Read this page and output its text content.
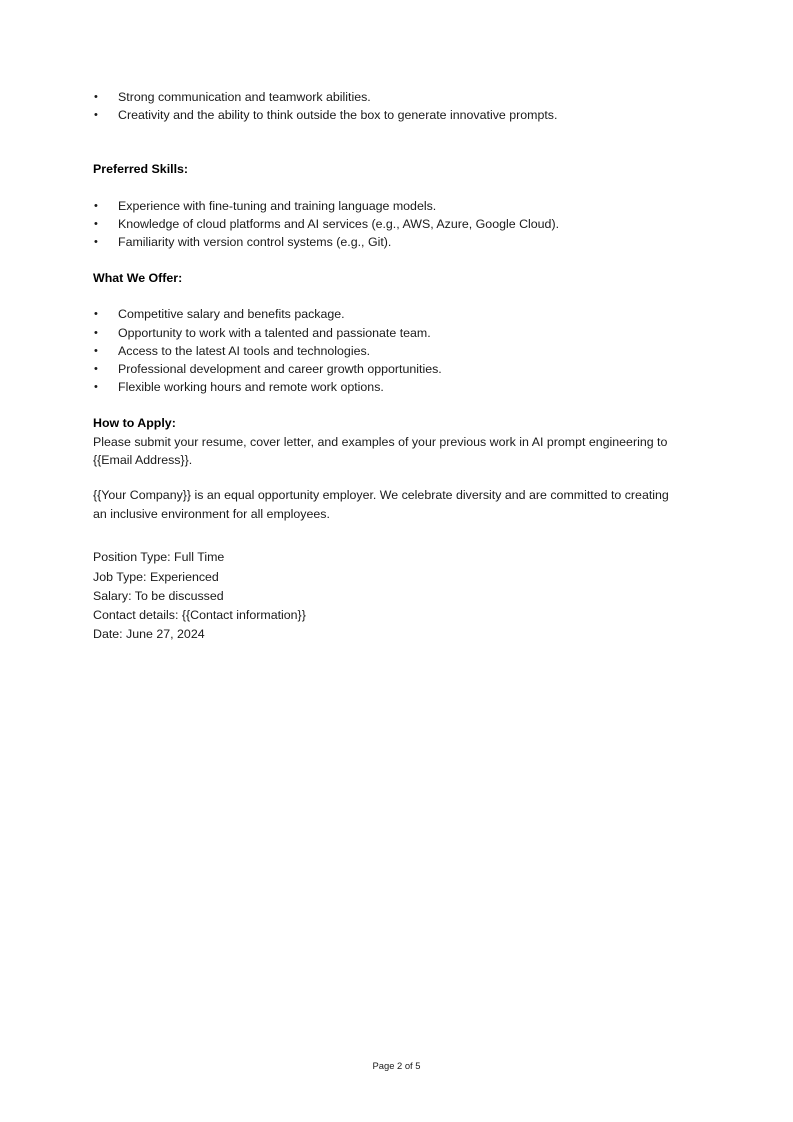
• Strong communication and teamwork abilities.
• Creativity and the ability to think outside the box to generate innovative prompts.
Preferred Skills:
• Experience with fine-tuning and training language models.
• Knowledge of cloud platforms and AI services (e.g., AWS, Azure, Google Cloud).
• Familiarity with version control systems (e.g., Git).
What We Offer:
• Competitive salary and benefits package.
• Opportunity to work with a talented and passionate team.
• Access to the latest AI tools and technologies.
• Professional development and career growth opportunities.
• Flexible working hours and remote work options.
How to Apply:
Please submit your resume, cover letter, and examples of your previous work in AI prompt engineering to {{Email Address}}.
{{Your Company}} is an equal opportunity employer. We celebrate diversity and are committed to creating an inclusive environment for all employees.
Position Type: Full Time
Job Type: Experienced
Salary: To be discussed
Contact details: {{Contact information}}
Date: June 27, 2024
Page 2 of 5
